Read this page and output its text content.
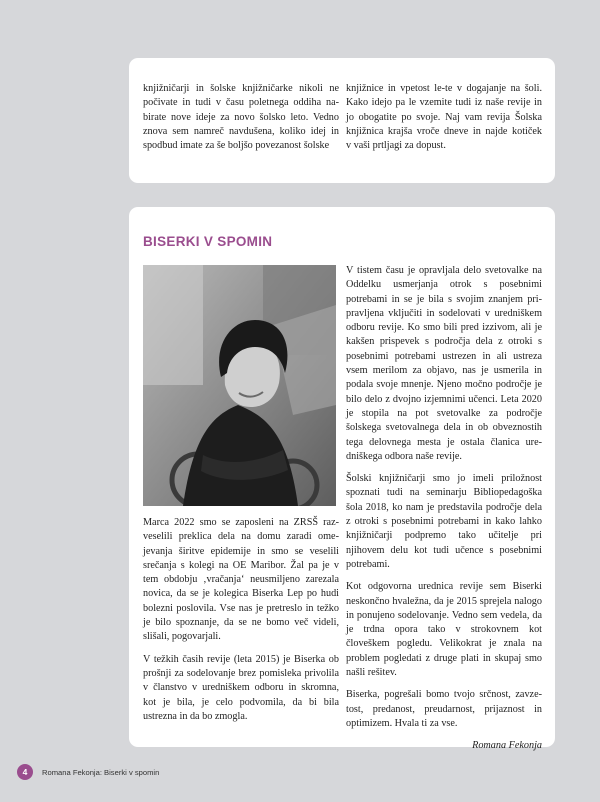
knjižničarji in šolske knjižničarke nikoli ne
počivate in tudi v času poletnega oddiha na-
birate nove ideje za novo šolsko leto. Vedno
znova sem namreč navdušena, koliko idej in
spodbud imate za še boljšo povezanost šolske
knjižnice in vpetost le-te v dogajanje na šoli.
Kako idejo pa le vzemite tudi iz naše revije in
jo obogatite po svoje. Naj vam revija Šolska
knjižnica krajša vroče dneve in najde kotiček
v vaši prtljagi za dopust.
BISERKI V SPOMIN

Marca 2022 smo se zaposleni na ZRSŠ razveselili preklica dela na domu zaradi omejevanja širitve epidemije in smo se veselili srečanja s kolegi na OE Maribor. Žal pa je v tem obdobju ‚vračanja‘ neusmiljeno zarezala novica, da se je kolegica Biserka Lep po hudi bolezni poslovila. Vse nas je pretreslo in težko je bilo spoznanje, da se ne bomo več videli, slišali, pogovarjali.

V težkih časih revije (leta 2015) je Biserka ob prošnji za sodelovanje brez pomisleka privolila v članstvo v uredniškem odboru in skromna, kot je bila, je celo podvomila, da bi bila ustrezna in da bo zmogla.

V tistem času je opravljala delo svetovalke na Oddelku usmerjanja otrok s posebnimi potrebami in se je bila s svojim znanjem pripravljena vključiti in sodelovati v uredniškem odboru revije. Ko smo bili pred izzivom, ali je kakšen prispevek s področja dela z otroki s posebnimi potrebami ustrezen in ali ustreza vsem merilom za objavo, nas je usmerila in podala svoje mnenje. Njeno močno področje je bilo delo z dvojno izjemnimi učenci. Leta 2020 je stopila na pot svetovalke za področje šolskega svetovalnega dela in ob obveznostih tega delovnega mesta je ostala članica uredniškega odbora naše revije.

Šolski knjižničarji smo jo imeli priložnost spoznati tudi na seminarju Bibliopedagoška šola 2018, ko nam je predstavila področje dela z otroki s posebnimi potrebami in kako lahko knjižničarji podpremo tako učitelje pri njihovem delu kot tudi učence s posebnimi potrebami.

Kot odgovorna urednica revije sem Biserki neskončno hvaležna, da je 2015 sprejela nalogo in ponujeno sodelovanje. Vedno sem vedela, da je trdna opora tako v strokovnem kot človeškem pogledu. Velikokrat je znala na problem pogledati z druge plati in skupaj smo našli rešitev.

Biserka, pogrešali bomo tvojo srčnost, zavzetost, predanost, preudarnost, prijaznost in optimizem. Hvala ti za vse.

Romana Fekonja

4	Romana Fekonja: Biserki v spomin
